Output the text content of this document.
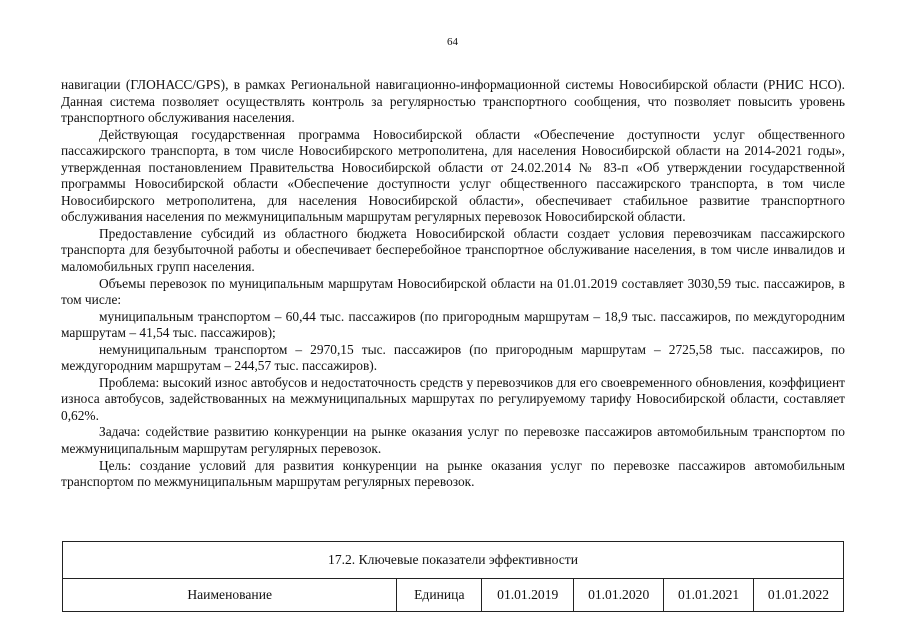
64

навигации (ГЛОНАСС/GPS), в рамках Региональной навигационно-информационной системы Новосибирской области (РНИС НСО). Данная система позволяет осуществлять контроль за регулярностью транспортного сообщения, что позволяет повысить уровень транспортного обслуживания населения.

Действующая государственная программа Новосибирской области «Обеспечение доступности услуг общественного пассажирского транспорта, в том числе Новосибирского метрополитена, для населения Новосибирской области на 2014-2021 годы», утвержденная постановлением Правительства Новосибирской области от 24.02.2014 № 83-п «Об утверждении государственной программы Новосибирской области «Обеспечение доступности услуг общественного пассажирского транспорта, в том числе Новосибирского метрополитена, для населения Новосибирской области», обеспечивает стабильное развитие транспортного обслуживания населения по межмуниципальным маршрутам регулярных перевозок Новосибирской области.

Предоставление субсидий из областного бюджета Новосибирской области создает условия перевозчикам пассажирского транспорта для безубыточной работы и обеспечивает бесперебойное транспортное обслуживание населения, в том числе инвалидов и маломобильных групп населения.

Объемы перевозок по муниципальным маршрутам Новосибирской области на 01.01.2019 составляет 3030,59 тыс. пассажиров, в том числе:

муниципальным транспортом – 60,44 тыс. пассажиров (по пригородным маршрутам – 18,9 тыс. пассажиров, по междугородним маршрутам – 41,54 тыс. пассажиров);

немуниципальным транспортом – 2970,15 тыс. пассажиров (по пригородным маршрутам – 2725,58 тыс. пассажиров, по междугородним маршрутам – 244,57 тыс. пассажиров).

Проблема: высокий износ автобусов и недостаточность средств у перевозчиков для его своевременного обновления, коэффициент износа автобусов, задействованных на межмуниципальных маршрутах по регулируемому тарифу Новосибирской области, составляет 0,62%.

Задача: содействие развитию конкуренции на рынке оказания услуг по перевозке пассажиров автомобильным транспортом по межмуниципальным маршрутам регулярных перевозок.

Цель: создание условий для развития конкуренции на рынке оказания услуг по перевозке пассажиров автомобильным транспортом по межмуниципальным маршрутам регулярных перевозок.

17.2. Ключевые показатели эффективности
Наименование	Единица	01.01.2019	01.01.2020	01.01.2021	01.01.2022
